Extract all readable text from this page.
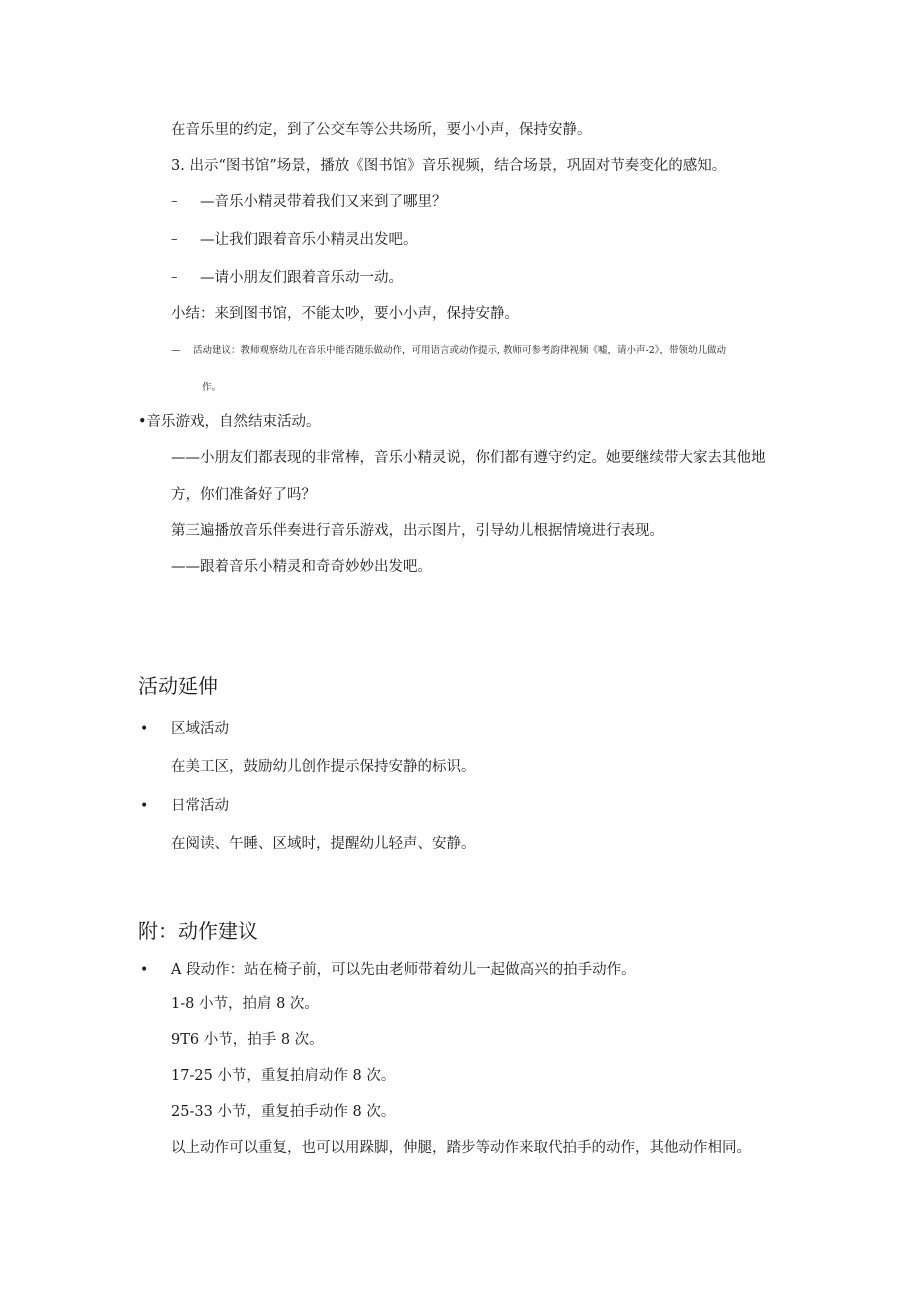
在音乐里的约定，到了公交车等公共场所，要小小声，保持安静。

3. 出示“图书馆”场景，播放《图书馆》音乐视频，结合场景，巩固对节奏变化的感知。

– —音乐小精灵带着我们又来到了哪里？

– —让我们跟着音乐小精灵出发吧。

– —请小朋友们跟着音乐动一动。

小结：来到图书馆，不能太吵，要小小声，保持安静。

— 活动建议：教师观察幼儿在音乐中能否随乐做动作，可用语言或动作提示, 教师可参考韵律视频《嘘，请小声-2》，带领幼儿做动

作。

•音乐游戏，自然结束活动。

——小朋友们都表现的非常棒，音乐小精灵说，你们都有遵守约定。她要继续带大家去其他地

方，你们准备好了吗？

第三遍播放音乐伴奏进行音乐游戏，出示图片，引导幼儿根据情境进行表现。

——跟着音乐小精灵和奇奇妙妙出发吧。

活动延伸
• 区域活动

在美工区，鼓励幼儿创作提示保持安静的标识。

• 日常活动

在阅读、午睡、区域时，提醒幼儿轻声、安静。

附：动作建议
• A 段动作：站在椅子前，可以先由老师带着幼儿一起做高兴的拍手动作。

1-8 小节，拍肩 8 次。

9T6 小节，拍手 8 次。

17-25 小节，重复拍肩动作 8 次。

25-33 小节，重复拍手动作 8 次。

以上动作可以重复，也可以用跺脚，伸腿，踏步等动作来取代拍手的动作，其他动作相同。
